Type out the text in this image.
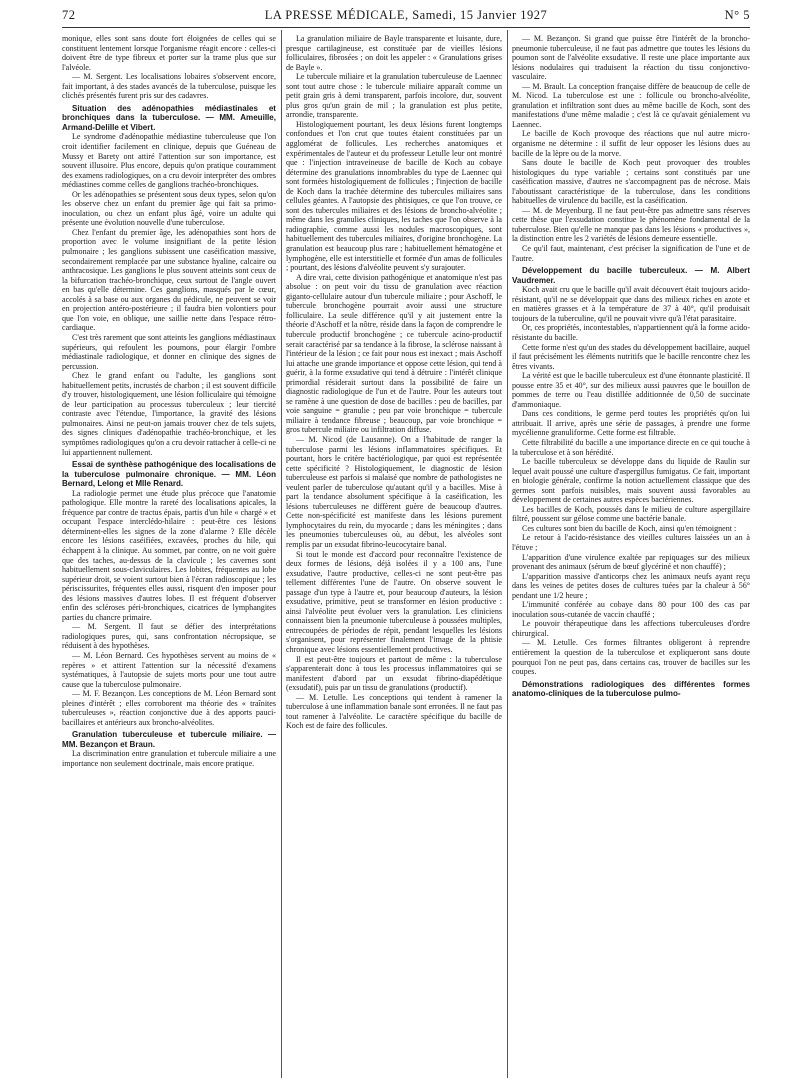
72	LA PRESSE MÉDICALE, Samedi, 15 Janvier 1927	N° 5

monique, elles sont sans doute fort éloignées de celles qui se constituent lentement lorsque l'organisme réagit encore : celles-ci doivent être de type fibreux et porter sur la trame plus que sur l'alvéole.

— M. Sergent. Les localisations lobaires s'observent encore, fait important, à des stades avancés de la tuberculose, puisque les clichés présentés furent pris sur des cadavres.

Situation des adénopathies médiastinales et bronchiques dans la tuberculose. — MM. Ameuille, Armand-Delille et Vibert.

Le syndrome d'adénopathie médiastine tuberculeuse que l'on croit identifier facilement en clinique, depuis que Guéneau de Mussy et Barety ont attiré l'attention sur son importance, est souvent illusoire. Plus encore, depuis qu'on pratique couramment des examens radiologiques, on a cru devoir interpréter des ombres médiastines comme celles de ganglions trachéo-bronchiques.

Or les adénopathies se présentent sous deux types, selon qu'on les observe chez un enfant du premier âge qui fait sa primo-inoculation, ou chez un enfant plus âgé, voire un adulte qui présente une évolution nouvelle d'une tuberculose.

Chez l'enfant du premier âge, les adénopathies sont hors de proportion avec le volume insignifiant de la petite lésion pulmonaire ; les ganglions subissent une caséification massive, secondairement remplacée par une substance hyaline, calcaire ou anthracosique. Les ganglions le plus souvent atteints sont ceux de la bifurcation trachéo-bronchique, ceux surtout de l'angle ouvert en bas qu'elle détermine. Ces ganglions, masqués par le cœur, accolés à sa base ou aux organes du pédicule, ne peuvent se voir en projection antéro-postérieure ; il faudra bien volontiers pour que l'on voie, en oblique, une saillie nette dans l'espace rétro-cardiaque.

C'est très rarement que sont atteints les ganglions médiastinaux supérieurs, qui refoulent les poumons, pour élargir l'ombre médiastinale radiologique, et donner en clinique des signes de percussion.

Chez le grand enfant ou l'adulte, les ganglions sont habituellement petits, incrustés de charbon ; il est souvent difficile d'y trouver, histologiquement, une lésion folliculaire qui témoigne de leur participation au processus tuberculeux ; leur tiercité contraste avec l'étendue, l'importance, la gravité des lésions pulmonaires. Ainsi ne peut-on jamais trouver chez de tels sujets, des signes cliniques d'adénopathie trachéo-bronchique, et les symptômes radiologiques qu'on a cru devoir rattacher à celle-ci ne lui appartiennent nullement.

Essai de synthèse pathogénique des localisations de la tuberculose pulmonaire chronique. — MM. Léon Bernard, Lelong et Mlle Renard.

La radiologie permet une étude plus précoce que l'anatomie pathologique. Elle montre la rareté des localisations apicales, la fréquence par contre de tractus épais, partis d'un hile « chargé » et occupant l'espace interclédo-hilaire : peut-être ces lésions déterminent-elles les signes de la zone d'alarme ? Elle décèle encore les lésions caséifiées, excavées, proches du hile, qui échappent à la clinique. Au sommet, par contre, on ne voit guère que des taches, au-dessus de la clavicule ; les cavernes sont habituellement sous-claviculaires. Les lobites, fréquentes au lobe supérieur droit, se voient surtout bien à l'écran radioscopique ; les périscissurites, fréquentes elles aussi, risquent d'en imposer pour des lésions massives d'autres lobes. Il est fréquent d'observer enfin des scléroses péri-bronchiques, cicatrices de lymphangites parties du chancre primaire.

— M. Sergent. Il faut se défier des interprétations radiologiques pures, qui, sans confrontation nécropsique, se réduisent à des hypothèses.

— M. Léon Bernard. Ces hypothèses servent au moins de « repères » et attirent l'attention sur la nécessité d'examens systématiques, à l'autopsie de sujets morts pour une tout autre cause que la tuberculose pulmonaire.

— M. F. Bezançon. Les conceptions de M. Léon Bernard sont pleines d'intérêt ; elles corroborent ma théorie des « traînites tuberculeuses », réaction conjonctive due à des apports pauci-bacillaires et antérieurs aux broncho-alvéolites.

Granulation tuberculeuse et tubercule miliaire. — MM. Bezançon et Braun.

La discrimination entre granulation et tubercule miliaire a une importance non seulement doctrinale, mais encore pratique.

La granulation miliaire de Bayle transparente et luisante, dure, presque cartilagineuse, est constituée par de vieilles lésions folliculaires, fibrosées ; on doit les appeler : « Granulations grises de Bayle ».

Le tubercule miliaire et la granulation tuberculeuse de Laennec sont tout autre chose : le tubercule miliaire apparaît comme un petit grain gris à demi transparent, parfois incolore, dur, souvent plus gros qu'un grain de mil ; la granulation est plus petite, arrondie, transparente.

Histologiquement pourtant, les deux lésions furent longtemps confondues et l'on crut que toutes étaient constituées par un agglomérat de follicules. Les recherches anatomiques et expérimentales de l'auteur et du professeur Letulle leur ont montré que : l'injection intraveineuse de bacille de Koch au cobaye détermine des granulations innombrables du type de Laennec qui sont formées histologiquement de follicules ; l'injection de bacille de Koch dans la trachée détermine des tubercules miliaires sans cellules géantes. A l'autopsie des phtisiques, ce que l'on trouve, ce sont des tubercules miliaires et des lésions de broncho-alvéolite ; même dans les granulies cliniques, les taches que l'on observe à la radiographie, comme aussi les nodules macroscopiques, sont habituellement des tubercules miliaires, d'origine bronchogène. La granulation est beaucoup plus rare ; habituellement hématogène et lymphogène, elle est interstitielle et formée d'un amas de follicules ; pourtant, des lésions d'alvéolite peuvent s'y surajouter.

A dire vrai, cette division pathogénique et anatomique n'est pas absolue : on peut voir du tissu de granulation avec réaction giganto-cellulaire autour d'un tubercule miliaire ; pour Aschoff, le tubercule bronchogène pourrait avoir aussi une structure folliculaire. La seule différence qu'il y ait justement entre la théorie d'Aschoff et la nôtre, réside dans la façon de comprendre le tubercule productif bronchogène ; ce tubercule acino-productif serait caractérisé par sa tendance à la fibrose, la sclérose naissant à l'intérieur de la lésion ; ce fait pour nous est inexact ; mais Aschoff lui attache une grande importance et oppose cette lésion, qui tend à guérir, à la forme exsudative qui tend à détruire : l'intérêt clinique primordial résiderait surtout dans la possibilité de faire un diagnostic radiologique de l'un et de l'autre. Pour les auteurs tout se ramène à une question de dose de bacilles : peu de bacilles, par voie sanguine = granulie ; peu par voie bronchique = tubercule miliaire à tendance fibreuse ; beaucoup, par voie bronchique = gros tubercule miliaire ou infiltration diffuse.

— M. Nicod (de Lausanne). On a l'habitude de ranger la tuberculose parmi les lésions inflammatoires spécifiques. Et pourtant, hors le critère bactériologique, par quoi est représentée cette spécificité ? Histologiquement, le diagnostic de lésion tuberculeuse est parfois si malaisé que nombre de pathologistes ne veulent parler de tuberculose qu'autant qu'il y a bacilles. Mise à part la tendance absolument spécifique à la caséification, les lésions tuberculeuses ne diffèrent guère de beaucoup d'autres. Cette non-spécificité est manifeste dans les lésions purement lymphocytaires du rein, du myocarde ; dans les méningites ; dans les pneumonies tuberculeuses où, au début, les alvéoles sont remplis par un exsudat fibrino-leucocytaire banal.

Si tout le monde est d'accord pour reconnaître l'existence de deux formes de lésions, déjà isolées il y a 100 ans, l'une exsudative, l'autre productive, celles-ci ne sont peut-être pas tellement différentes l'une de l'autre. On observe souvent le passage d'un type à l'autre et, pour beaucoup d'auteurs, la lésion exsudative, primitive, peut se transformer en lésion productive : ainsi l'alvéolite peut évoluer vers la granulation. Les cliniciens connaissent bien la pneumonie tuberculeuse à poussées multiples, entrecoupées de périodes de répit, pendant lesquelles les lésions s'organisent, pour représenter finalement l'image de la phtisie chronique avec lésions essentiellement productives.

Il est peut-être toujours et partout de même : la tuberculose s'apparenterait donc à tous les processus inflammatoires qui se manifestent d'abord par un exsudat fibrino-diapédétique (exsudatif), puis par un tissu de granulations (productif).

— M. Letulle. Les conceptions qui tendent à ramener la tuberculose à une inflammation banale sont erronées. Il ne faut pas tout ramener à l'alvéolite. Le caractère spécifique du bacille de Koch est de faire des follicules.

— M. Bezançon. Si grand que puisse être l'intérêt de la broncho-pneumonie tuberculeuse, il ne faut pas admettre que toutes les lésions du poumon sont de l'alvéolite exsudative. Il reste une place importante aux lésions nodulaires qui traduisent la réaction du tissu conjonctivo-vasculaire.

— M. Brault. La conception française diffère de beaucoup de celle de M. Nicod. La tuberculose est une : follicule ou broncho-alvéolite, granulation et infiltration sont dues au même bacille de Koch, sont des manifestations d'une même maladie ; c'est là ce qu'avait génialement vu Laennec.

Le bacille de Koch provoque des réactions que nul autre micro-organisme ne détermine : il suffit de leur opposer les lésions dues au bacille de la lèpre ou de la morve.

Sans doute le bacille de Koch peut provoquer des troubles histologiques du type variable ; certains sont constitués par une caséification massive, d'autres ne s'accompagnent pas de nécrose. Mais l'aboutissant caractéristique de la tuberculose, dans les conditions habituelles de virulence du bacille, est la caséification.

— M. de Meyenburg. Il ne faut peut-être pas admettre sans réserves cette thèse que l'exsudation constitue le phénomène fondamental de la tuberculose. Bien qu'elle ne manque pas dans les lésions « productives », la distinction entre les 2 variétés de lésions demeure essentielle.

Ce qu'il faut, maintenant, c'est préciser la signification de l'une et de l'autre.

Développement du bacille tuberculeux. — M. Albert Vaudremer.

Koch avait cru que le bacille qu'il avait découvert était toujours acido-résistant, qu'il ne se développait que dans des milieux riches en azote et en matières grasses et à la température de 37 à 40°, qu'il produisait toujours de la tuberculine, qu'il ne pouvait vivre qu'à l'état parasitaire.

Or, ces propriétés, incontestables, n'appartiennent qu'à la forme acido-résistante du bacille.

Cette forme n'est qu'un des stades du développement bacillaire, auquel il faut précisément les éléments nutritifs que le bacille rencontre chez les êtres vivants.

La vérité est que le bacille tuberculeux est d'une étonnante plasticité. Il pousse entre 35 et 40°, sur des milieux aussi pauvres que le bouillon de pommes de terre ou l'eau distillée additionnée de 0,50 de succinate d'ammoniaque.

Dans ces conditions, le germe perd toutes les propriétés qu'on lui attribuait. Il arrive, après une série de passages, à prendre une forme mycélienne granuliforme. Cette forme est filtrable.

Cette filtrabilité du bacille a une importance directe en ce qui touche à la tuberculose et à son hérédité.

Le bacille tuberculeux se développe dans du liquide de Raulin sur lequel avait poussé une culture d'aspergillus fumigatus. Ce fait, important en biologie générale, confirme la notion actuellement classique que des germes sont parfois nuisibles, mais souvent aussi favorables au développement de certaines autres espèces bactériennes.

Les bacilles de Koch, poussés dans le milieu de culture aspergillaire filtré, poussent sur gélose comme une bactérie banale.

Ces cultures sont bien du bacille de Koch, ainsi qu'en témoignent :

Le retour à l'acido-résistance des vieilles cultures laissées un an à l'étuve ;

L'apparition d'une virulence exaltée par repiquages sur des milieux provenant des animaux (sérum de bœuf glycériné et non chauffé) ;

L'apparition massive d'anticorps chez les animaux neufs ayant reçu dans les veines de petites doses de cultures tuées par la chaleur à 56° pendant une 1/2 heure ;

L'immunité conférée au cobaye dans 80 pour 100 des cas par inoculation sous-cutanée de vaccin chauffé ;

Le pouvoir thérapeutique dans les affections tuberculeuses d'ordre chirurgical.

— M. Letulle. Ces formes filtrantes obligeront à reprendre entièrement la question de la tuberculose et expliqueront sans doute pourquoi l'on ne peut pas, dans certains cas, trouver de bacilles sur les coupes.

Démonstrations radiologiques des différentes formes anatomo-cliniques de la tuberculose pulmo-
